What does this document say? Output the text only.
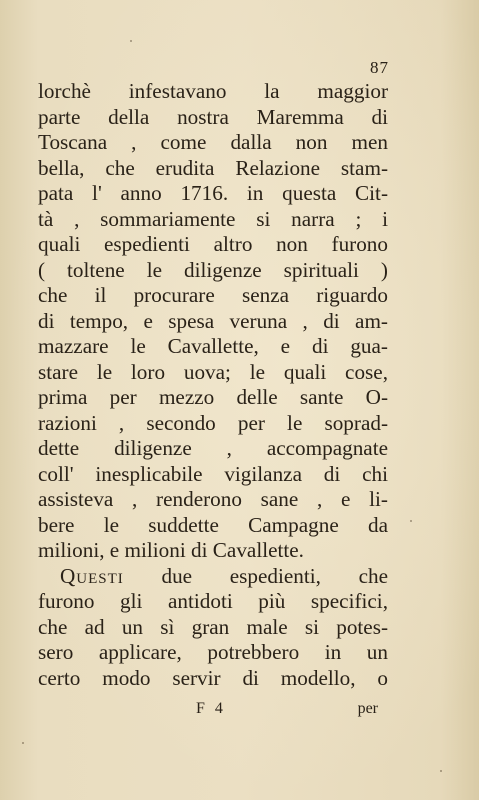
87
lorchè infestavano la maggior
parte della nostra Maremma di
Toscana , come dalla non men
bella, che erudita Relazione stam-
pata l' anno 1716. in questa Cit-
tà , sommariamente si narra ; i
quali espedienti altro non furono
( toltene le diligenze spirituali )
che il procurare senza riguardo
di tempo, e spesa veruna , di am-
mazzare le Cavallette, e di gua-
stare le loro uova; le quali cose,
prima per mezzo delle sante O-
razioni , secondo per le soprad-
dette diligenze , accompagnate
coll' inesplicabile vigilanza di chi
assisteva , renderono sane , e li-
bere le suddette Campagne da
milioni, e milioni di Cavallette.
Questi due espedienti, che
furono gli antidoti più specifici,
che ad un sì gran male si potes-
sero applicare, potrebbero in un
certo modo servir di modello, o
F 4	per
